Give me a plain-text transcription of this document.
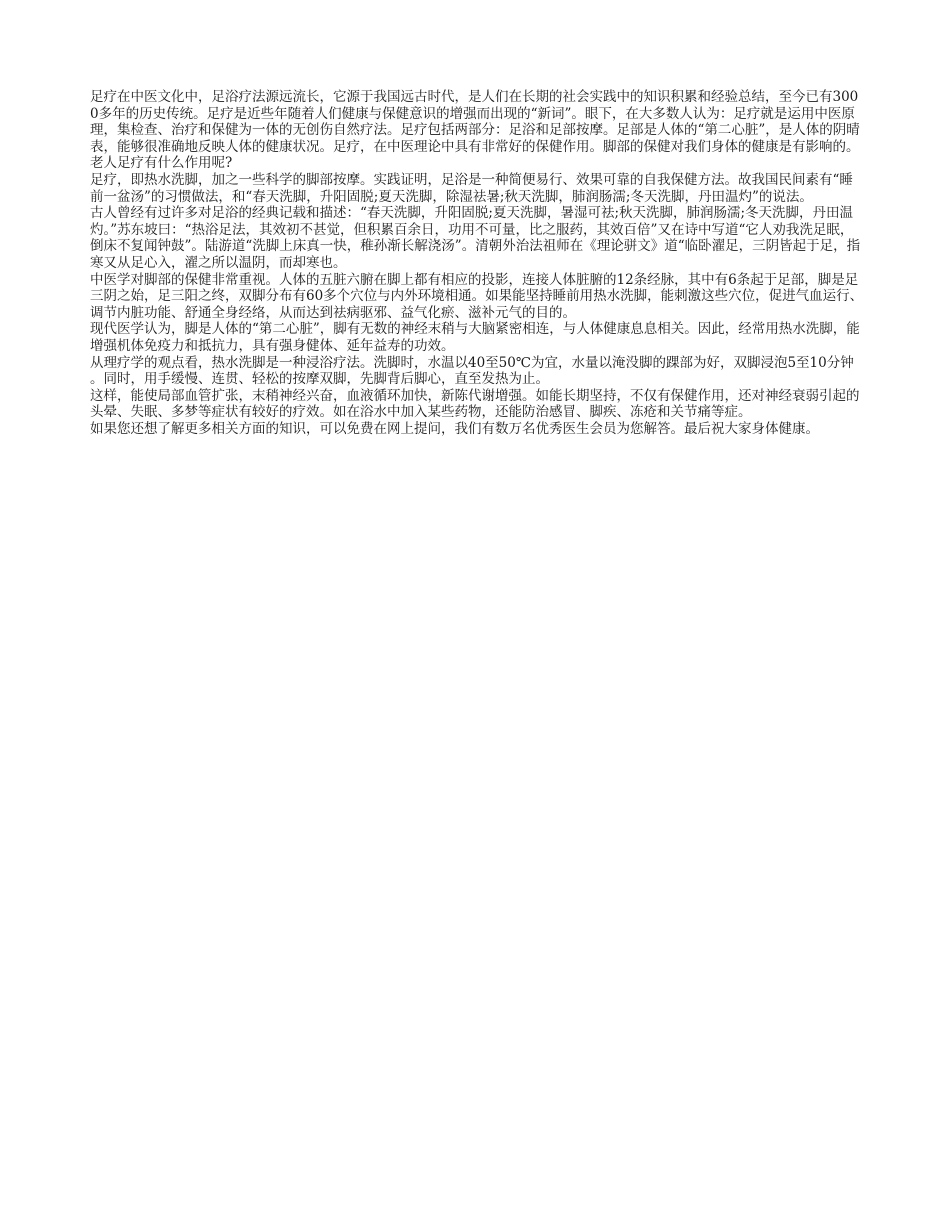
足疗在中医文化中，足浴疗法源远流长，它源于我国远古时代，是人们在长期的社会实践中的知识积累和经验总结，至今已有3000多年的历史传统。足疗是近些年随着人们健康与保健意识的增强而出现的“新词”。眼下，在大多数人认为：足疗就是运用中医原理，集检查、治疗和保健为一体的无创伤自然疗法。足疗包括两部分：足浴和足部按摩。足部是人体的“第二心脏”，是人体的阴晴表，能够很准确地反映人体的健康状况。足疗，在中医理论中具有非常好的保健作用。脚部的保健对我们身体的健康是有影响的。老人足疗有什么作用呢?

足疗，即热水洗脚，加之一些科学的脚部按摩。实践证明，足浴是一种简便易行、效果可靠的自我保健方法。故我国民间素有“睡前一盆汤”的习惯做法，和“春天洗脚，升阳固脱;夏天洗脚，除湿祛暑;秋天洗脚，肺润肠濡;冬天洗脚，丹田温灼”的说法。

古人曾经有过许多对足浴的经典记载和描述：“春天洗脚，升阳固脱;夏天洗脚，暑湿可祛;秋天洗脚，肺润肠濡;冬天洗脚，丹田温灼。”苏东坡曰：“热浴足法，其效初不甚觉，但积累百余日，功用不可量，比之服药，其效百倍”又在诗中写道“它人劝我洗足眠，倒床不复闻钟鼓”。陆游道“洗脚上床真一快，稚孙渐长解浇汤”。清朝外治法祖师在《理论骈文》道“临卧濯足，三阴皆起于足，指寒又从足心入，濯之所以温阴，而却寒也。

中医学对脚部的保健非常重视。人体的五脏六腑在脚上都有相应的投影，连接人体脏腑的12条经脉，其中有6条起于足部，脚是足三阴之始，足三阳之终，双脚分布有60多个穴位与内外环境相通。如果能坚持睡前用热水洗脚，能刺激这些穴位，促进气血运行、调节内脏功能、舒通全身经络，从而达到祛病驱邪、益气化瘀、滋补元气的目的。

现代医学认为，脚是人体的“第二心脏”，脚有无数的神经末稍与大脑紧密相连，与人体健康息息相关。因此，经常用热水洗脚，能增强机体免疫力和抵抗力，具有强身健体、延年益寿的功效。

从理疗学的观点看，热水洗脚是一种浸浴疗法。洗脚时，水温以40至50℃为宜，水量以淹没脚的踝部为好，双脚浸泡5至10分钟。同时，用手缓慢、连贯、轻松的按摩双脚，先脚背后脚心，直至发热为止。

这样，能使局部血管扩张，末稍神经兴奋，血液循环加快，新陈代谢增强。如能长期坚持，不仅有保健作用，还对神经衰弱引起的头晕、失眠、多梦等症状有较好的疗效。如在浴水中加入某些药物，还能防治感冒、脚疾、冻疮和关节痛等症。

如果您还想了解更多相关方面的知识，可以免费在网上提问，我们有数万名优秀医生会员为您解答。最后祝大家身体健康。
